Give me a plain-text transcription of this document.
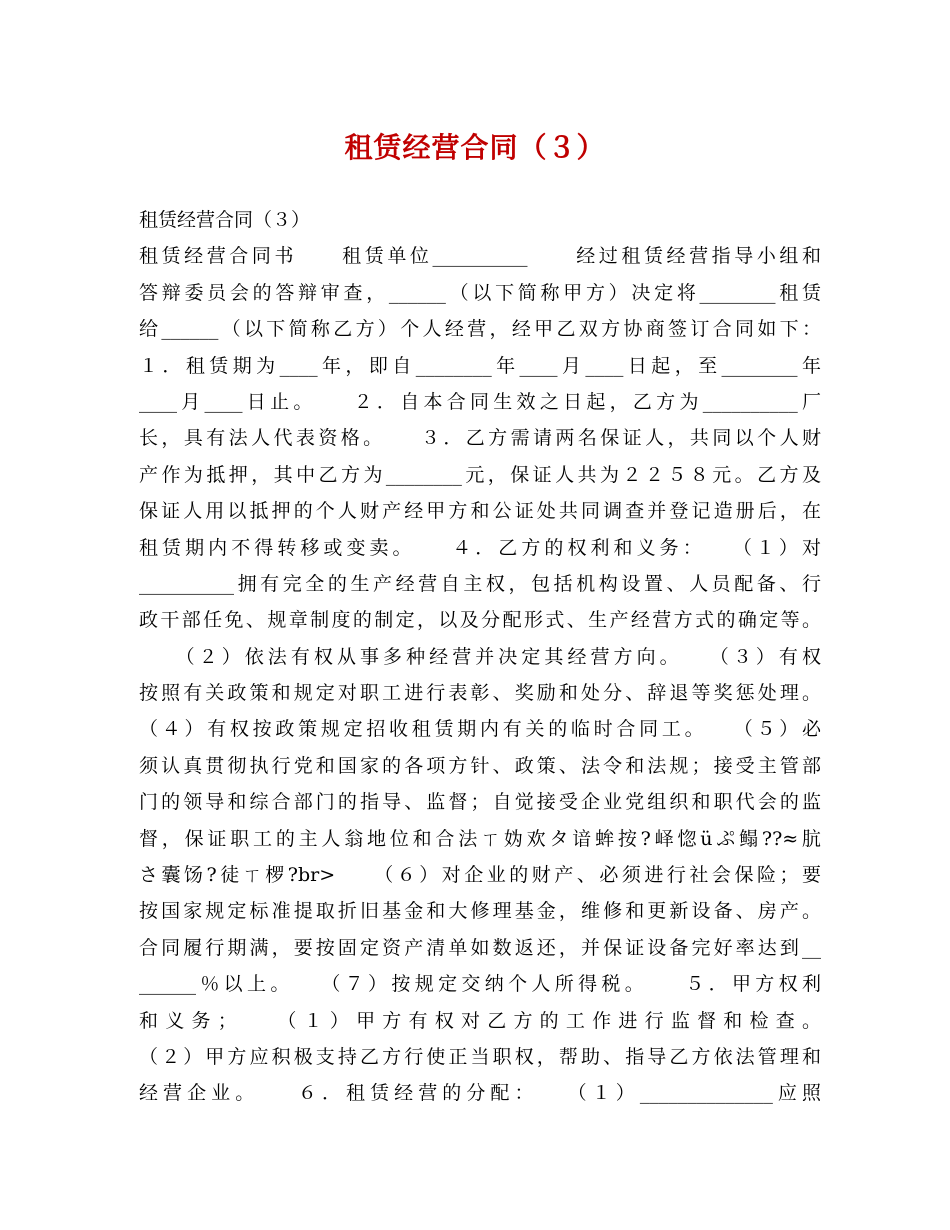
租赁经营合同（３）
租赁经营合同（３）
租赁经营合同书　　租赁单位__________　　经过租赁经营指导小组和
答辩委员会的答辩审查，______（以下简称甲方）决定将________租赁
给______（以下简称乙方）个人经营，经甲乙双方协商签订合同如下：
１．租赁期为____年，即自________年____月____日起，至________年
____月____日止。　　２．自本合同生效之日起，乙方为__________厂
长，具有法人代表资格。　　３．乙方需请两名保证人，共同以个人财
产作为抵押，其中乙方为________元，保证人共为２２５８元。乙方及
保证人用以抵押的个人财产经甲方和公证处共同调查并登记造册后，在
租赁期内不得转移或变卖。　　４．乙方的权利和义务：　　（１）对
__________拥有完全的生产经营自主权，包括机构设置、人员配备、行
政干部任免、规章制度的制定，以及分配形式、生产经营方式的确定等。
　　（２）依法有权从事多种经营并决定其经营方向。　　（３）有权
按照有关政策和规定对职工进行表彰、奖励和处分、辞退等奖惩处理。
（４）有权按政策规定招收租赁期内有关的临时合同工。　　（５）必
须认真贯彻执行党和国家的各项方针、政策、法令和法规；接受主管部
门的领导和综合部门的指导、监督；自觉接受企业党组织和职代会的监
督，保证职工的主人翁地位和合法ㄒ妫欢タ谙蛑按?峄惚üぷ鳎??≈肮
さ囊饧?徒ㄒ椤?br>　　（６）对企业的财产、必须进行社会保险；要
按国家规定标准提取折旧基金和大修理基金，维修和更新设备、房产。
合同履行期满，要按固定资产清单如数返还，并保证设备完好率达到__
______％以上。　　（７）按规定交纳个人所得税。　　５．甲方权利
和义务；　　（１）甲方有权对乙方的工作进行监督和检查。
（２）甲方应积极支持乙方行使正当职权，帮助、指导乙方依法管理和
经营企业。　　６．租赁经营的分配：　　（１）______________应照
